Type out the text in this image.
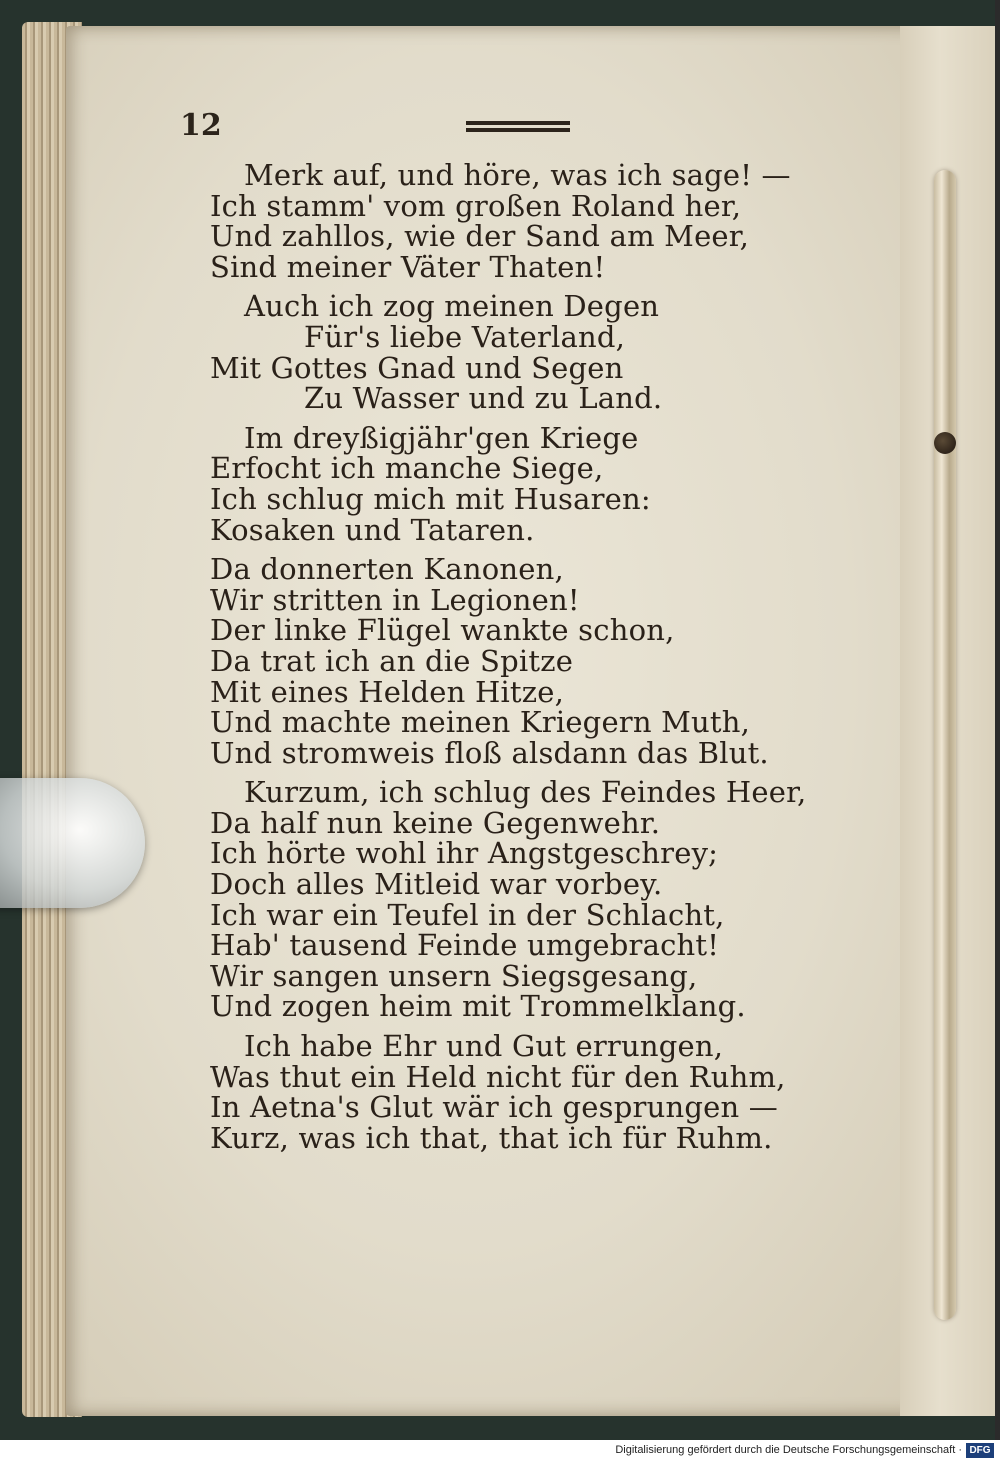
12
Merk auf, und höre, was ich sage! —
Ich stamm' vom großen Roland her,
Und zahllos, wie der Sand am Meer,
Sind meiner Väter Thaten!
Auch ich zog meinen Degen
Für's liebe Vaterland,
Mit Gottes Gnad und Segen
Zu Wasser und zu Land.
Im dreyßigjähr'gen Kriege
Erfocht ich manche Siege,
Ich schlug mich mit Husaren:
Kosaken und Tataren.
Da donnerten Kanonen,
Wir stritten in Legionen!
Der linke Flügel wankte schon,
Da trat ich an die Spitze
Mit eines Helden Hitze,
Und machte meinen Kriegern Muth,
Und stromweis floß alsdann das Blut.
Kurzum, ich schlug des Feindes Heer,
Da half nun keine Gegenwehr.
Ich hörte wohl ihr Angstgeschrey;
Doch alles Mitleid war vorbey.
Ich war ein Teufel in der Schlacht,
Hab' tausend Feinde umgebracht!
Wir sangen unsern Siegsgesang,
Und zogen heim mit Trommelklang.
Ich habe Ehr und Gut errungen,
Was thut ein Held nicht für den Ruhm,
In Aetna's Glut wär ich gesprungen —
Kurz, was ich that, that ich für Ruhm.
Digitalisierung gefördert durch die Deutsche Forschungsgemeinschaft · DFG
